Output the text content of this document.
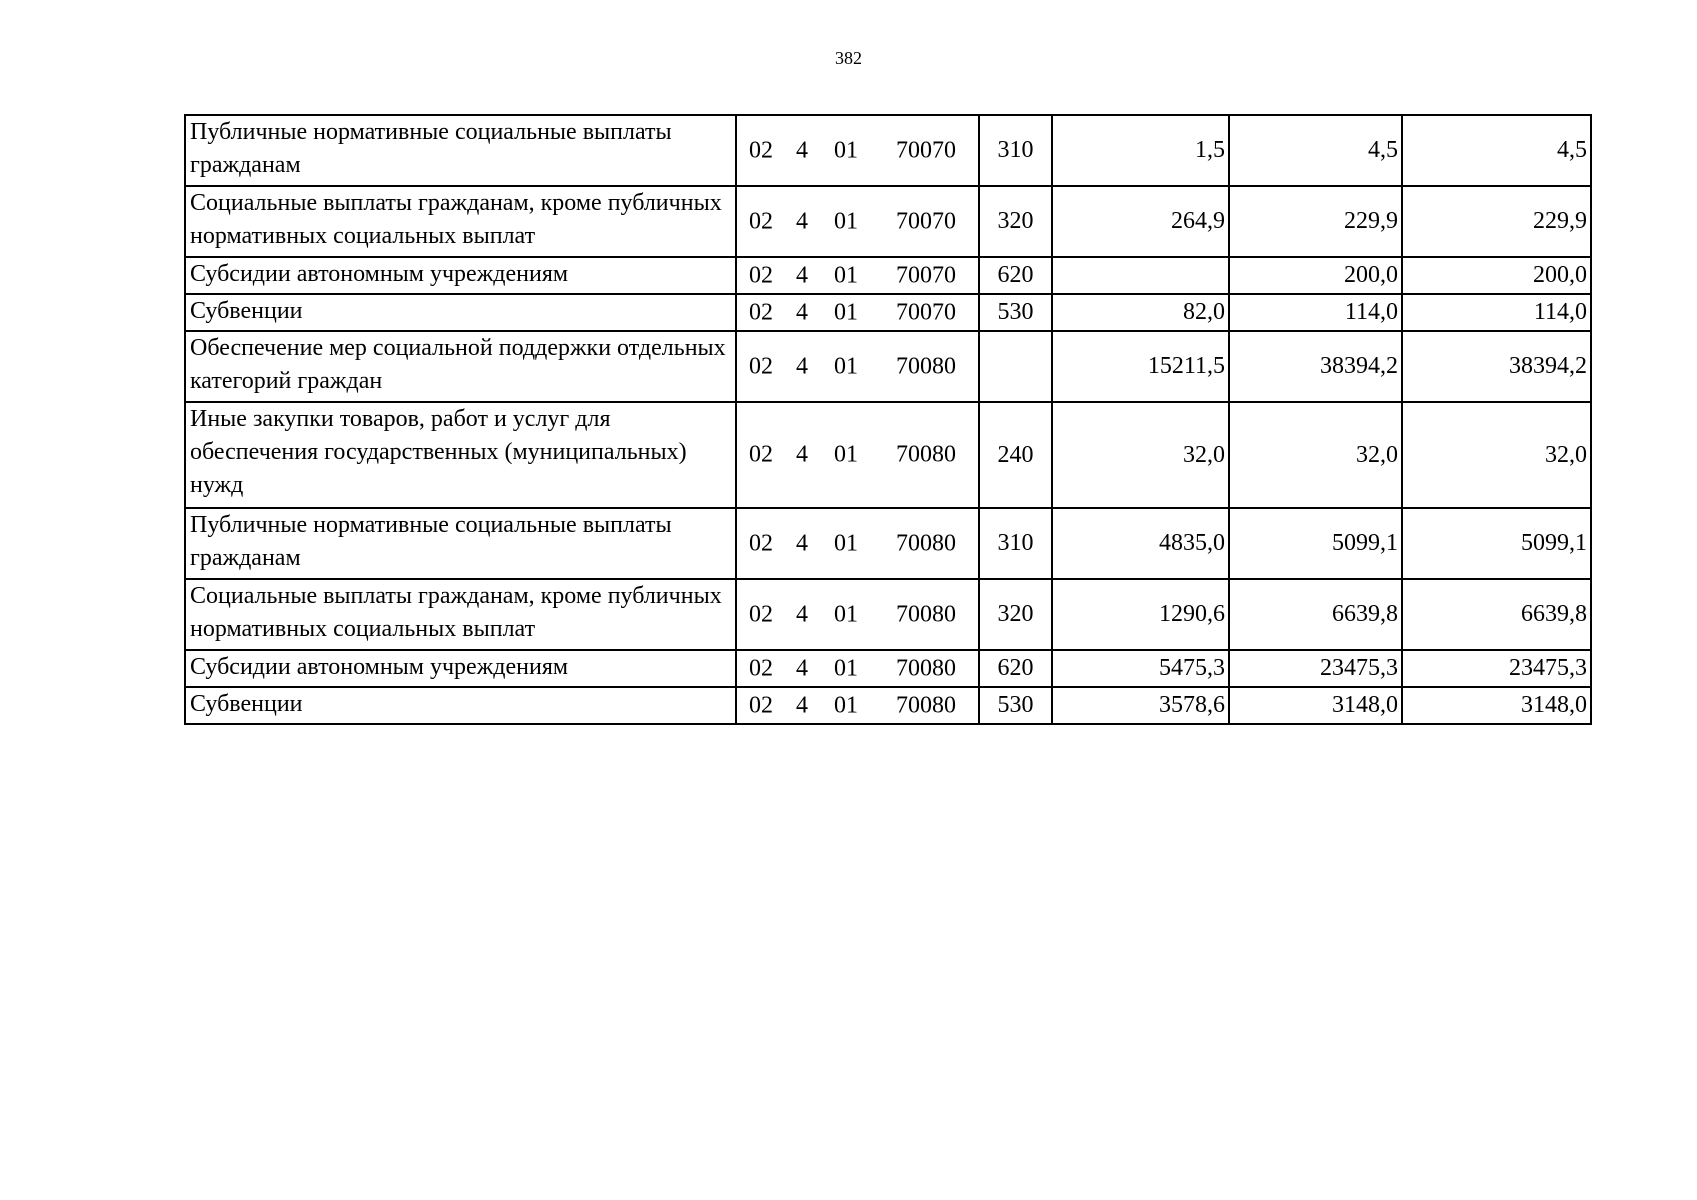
382
Публичные нормативные социальные выплаты гражданам	02 4 01 70070	310	1,5	4,5	4,5
Социальные выплаты гражданам, кроме публичных нормативных социальных выплат	02 4 01 70070	320	264,9	229,9	229,9
Субсидии автономным учреждениям	02 4 01 70070	620		200,0	200,0
Субвенции	02 4 01 70070	530	82,0	114,0	114,0
Обеспечение мер социальной поддержки отдельных категорий граждан	02 4 01 70080		15211,5	38394,2	38394,2
Иные закупки товаров, работ и услуг для обеспечения государственных (муниципальных) нужд	02 4 01 70080	240	32,0	32,0	32,0
Публичные нормативные социальные выплаты гражданам	02 4 01 70080	310	4835,0	5099,1	5099,1
Социальные выплаты гражданам, кроме публичных нормативных социальных выплат	02 4 01 70080	320	1290,6	6639,8	6639,8
Субсидии автономным учреждениям	02 4 01 70080	620	5475,3	23475,3	23475,3
Субвенции	02 4 01 70080	530	3578,6	3148,0	3148,0
